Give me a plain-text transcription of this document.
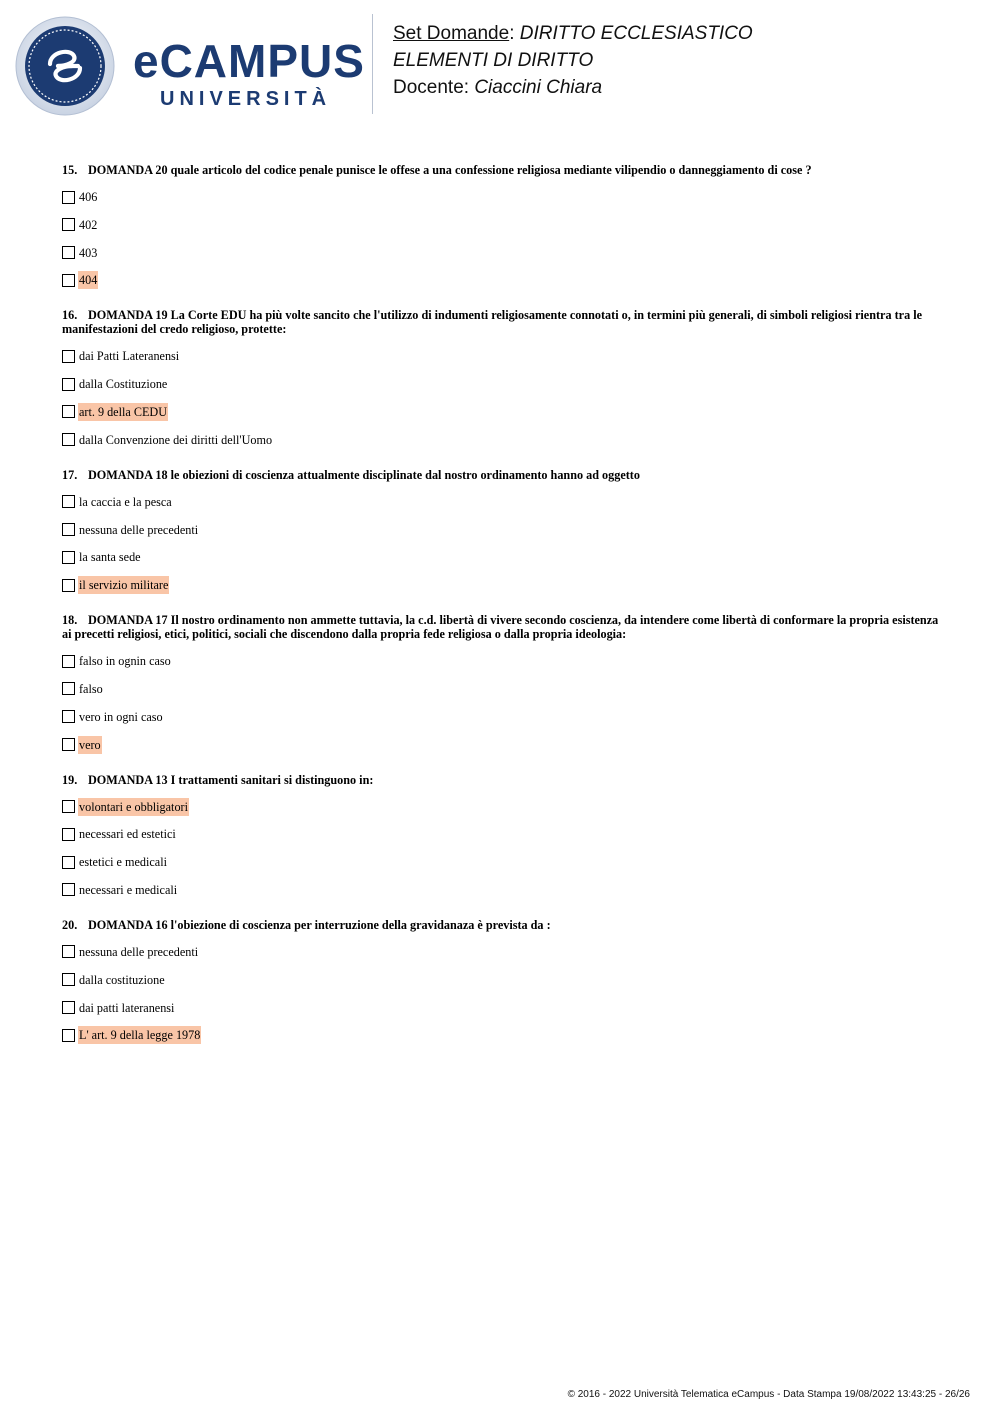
eCAMPUS
UNIVERSITÀ
Set Domande: DIRITTO ECCLESIASTICO
ELEMENTI DI DIRITTO
Docente: Ciaccini Chiara
15. DOMANDA 20 quale articolo del codice penale punisce le offese a una confessione religiosa mediante vilipendio o danneggiamento di cose ?
406
402
403
404
16. DOMANDA 19 La Corte EDU ha più volte sancito che l'utilizzo di indumenti religiosamente connotati o, in termini più generali, di simboli religiosi rientra tra le manifestazioni del credo religioso, protette:
dai Patti Lateranensi
dalla Costituzione
art. 9 della CEDU
dalla Convenzione dei diritti dell'Uomo
17. DOMANDA 18 le obiezioni di coscienza attualmente disciplinate dal nostro ordinamento hanno ad oggetto
la caccia e la pesca
nessuna delle precedenti
la santa sede
il servizio militare
18. DOMANDA 17 Il nostro ordinamento non ammette tuttavia, la c.d. libertà di vivere secondo coscienza, da intendere come libertà di conformare la propria esistenza ai precetti religiosi, etici, politici, sociali che discendono dalla propria fede religiosa o dalla propria ideologia:
falso in ognin caso
falso
vero in ogni caso
vero
19. DOMANDA 13 I trattamenti sanitari si distinguono in:
volontari e obbligatori
necessari ed estetici
estetici e medicali
necessari e medicali
20. DOMANDA 16 l'obiezione di coscienza per interruzione della gravidanaza è prevista da :
nessuna delle precedenti
dalla costituzione
dai patti lateranensi
L' art. 9 della legge 1978
© 2016 - 2022 Università Telematica eCampus - Data Stampa 19/08/2022 13:43:25 - 26/26
